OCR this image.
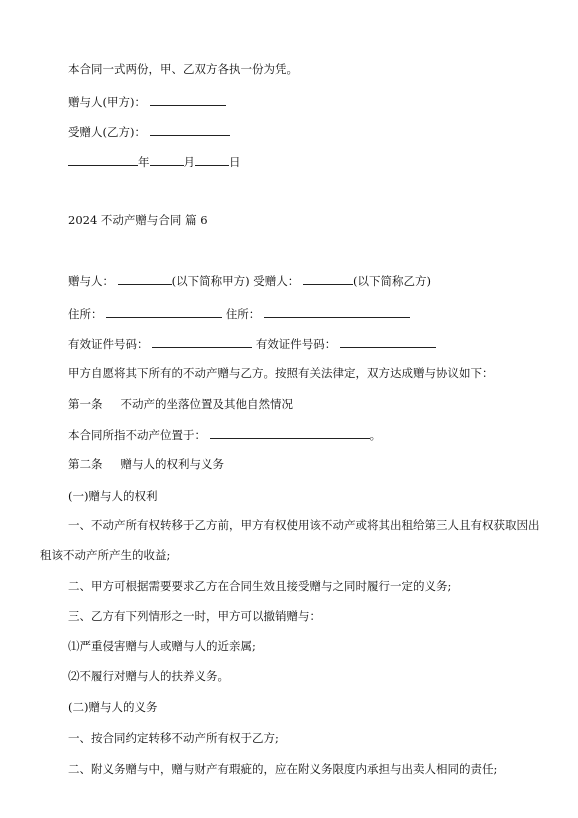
本合同一式两份，甲、乙双方各执一份为凭。
赠与人(甲方)：
受赠人(乙方)：
年	月	日
2024 不动产赠与合同 篇 6
赠与人：	(以下简称甲方) 受赠人：	(以下简称乙方)
住所：	住所：
有效证件号码：	有效证件号码：
甲方自愿将其下所有的不动产赠与乙方。按照有关法律定，双方达成赠与协议如下：
第一条 不动产的坐落位置及其他自然情况
本合同所指不动产位置于：	。
第二条 赠与人的权利与义务
(一)赠与人的权利
一、不动产所有权转移于乙方前，甲方有权使用该不动产或将其出租给第三人且有权获取因出
租该不动产所产生的收益;
二、甲方可根据需要要求乙方在合同生效且接受赠与之同时履行一定的义务;
三、乙方有下列情形之一时，甲方可以撤销赠与：
⑴严重侵害赠与人或赠与人的近亲属;
⑵不履行对赠与人的扶养义务。
(二)赠与人的义务
一、按合同约定转移不动产所有权于乙方;
二、附义务赠与中，赠与财产有瑕疵的，应在附义务限度内承担与出卖人相同的责任;
